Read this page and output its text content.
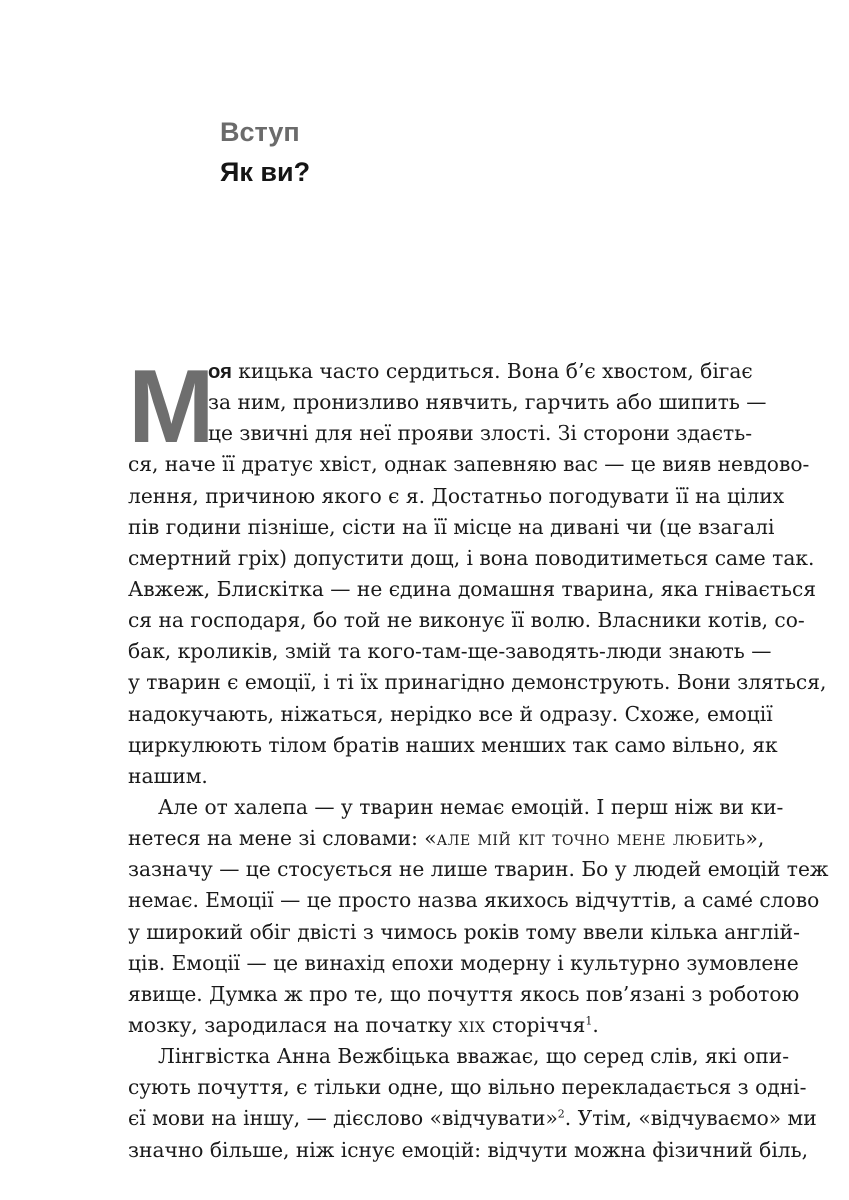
Вступ
Як ви?
М
оя кицька часто сердиться. Вона б’є хвостом, бігає
за ним, пронизливо нявчить, гарчить або шипить —
це звичні для неї прояви злості. Зі сторони здаєть-
ся, наче її дратує хвіст, однак запевняю вас — це вияв невдово-
лення, причиною якого є я. Достатньо погодувати її на цілих
пів години пізніше, сісти на її місце на дивані чи (це взагалі
смертний гріх) допустити дощ, і вона поводитиметься саме так.
Авжеж, Блискітка — не єдина домашня тварина, яка гнівається
ся на господаря, бо той не виконує її волю. Власники котів, со-
бак, кроликів, змій та кого-там-ще-заводять-люди знають —
у тварин є емоції, і ті їх принагідно демонструють. Вони зляться,
надокучають, ніжаться, нерідко все й одразу. Схоже, емоції
циркулюють тілом братів наших менших так само вільно, як
нашим.
Але от халепа — у тварин немає емоцій. І перш ніж ви ки-
нетеся на мене зі словами: «але мій кіт точно мене любить»,
зазначу — це стосується не лише тварин. Бо у людей емоцій теж
немає. Емоції — це просто назва якихось відчуттів, а саме́ слово
у широкий обіг двісті з чимось років тому ввели кілька англій-
ців. Емоції — це винахід епохи модерну і культурно зумовлене
явище. Думка ж про те, що почуття якось пов’язані з роботою
мозку, зародилася на початку xix сторіччя$^1$.
Лінгвістка Анна Вежбіцька вважає, що серед слів, які опи-
сують почуття, є тільки одне, що вільно перекладається з одні-
єї мови на іншу, — дієслово «відчувати»$^2$. Утім, «відчуваємо» ми
значно більше, ніж існує емоцій: відчути можна фізичний біль,
